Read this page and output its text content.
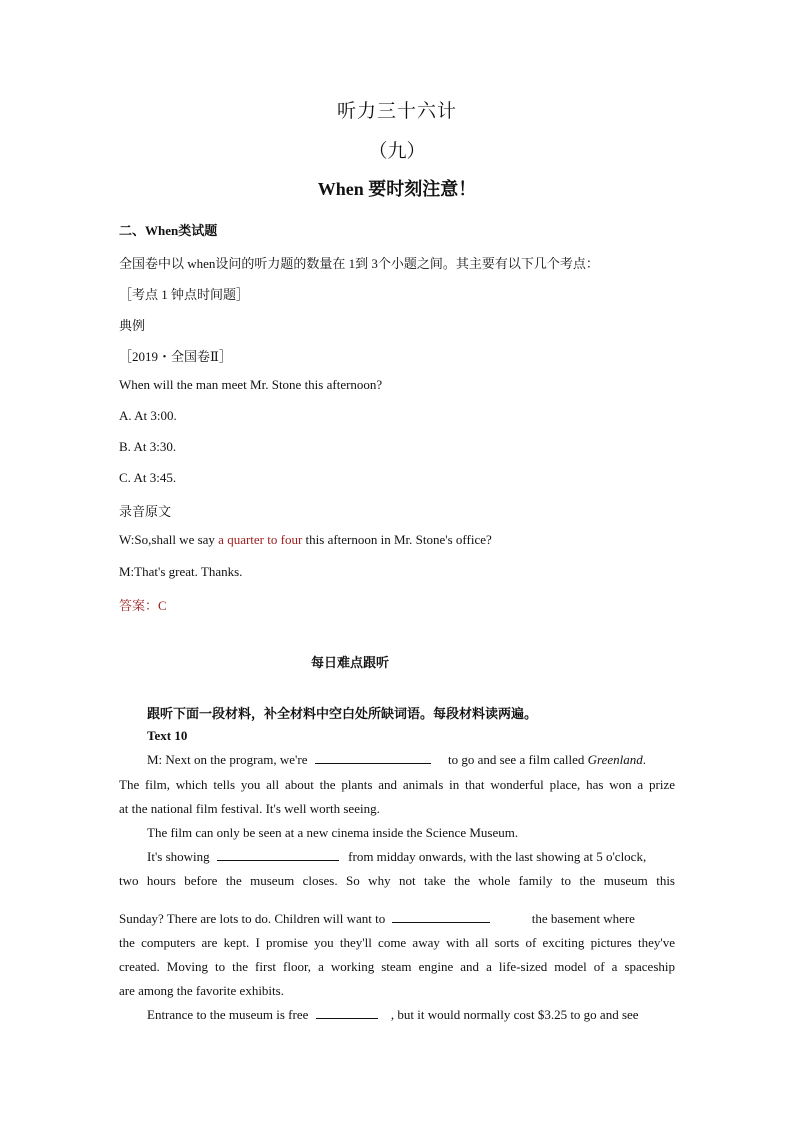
听力三十六计
（九）
When 要时刻注意！
二、When类试题
全国卷中以 when设问的听力题的数量在 1到 3个小题之间。其主要有以下几个考点：
［考点 1 钟点时间题］
典例
［2019・全国卷Ⅱ］
When will the man meet Mr. Stone this afternoon?
A. At 3:00.
B. At 3:30.
C. At 3:45.
录音原文
W:So,shall we say a quarter to four this afternoon in Mr. Stone's office?
M:That's great. Thanks.
答案：C
每日难点跟听
跟听下面一段材料，补全材料中空白处所缺词语。每段材料读两遍。
Text 10
M: Next on the program, we're	to go and see a film called Greenland.
The film, which tells you all about the plants and animals in that wonderful place, has won a prize
at the national film festival. It's well worth seeing.
The film can only be seen at a new cinema inside the Science Museum.
It's showing	from midday onwards, with the last showing at 5 o'clock,
two hours before the museum closes. So why not take the whole family to the museum this
Sunday? There are lots to do. Children will want to	the basement where
the computers are kept. I promise you they'll come away with all sorts of exciting pictures they've
created. Moving to the first floor, a working steam engine and a life-sized model of a spaceship
are among the favorite exhibits.
Entrance to the museum is free	, but it would normally cost $3.25 to go and see
